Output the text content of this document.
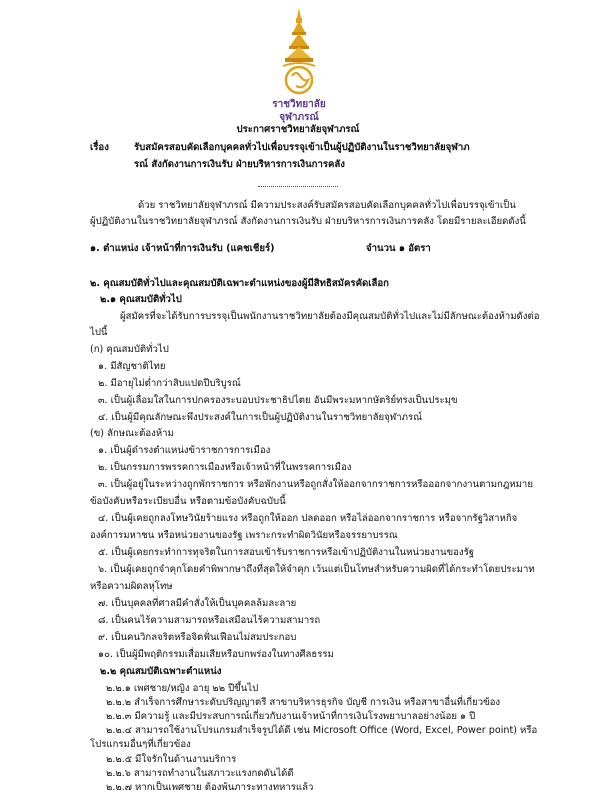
ราชวิทยาลัย
จุฬาภรณ์
ประกาศราชวิทยาลัยจุฬาภรณ์
เรื่อง	รับสมัครสอบคัดเลือกบุคคลทั่วไปเพื่อบรรจุเข้าเป็นผู้ปฏิบัติงานในราชวิทยาลัยจุฬาภ
รณ์ สังกัดงานการเงินรับ ฝ่ายบริหารการเงินการคลัง
ด้วย ราชวิทยาลัยจุฬาภรณ์ มีความประสงค์รับสมัครสอบคัดเลือกบุคคลทั่วไปเพื่อบรรจุเข้าเป็น
ผู้ปฏิบัติงานในราชวิทยาลัยจุฬาภรณ์ สังกัดงานการเงินรับ ฝ่ายบริหารการเงินการคลัง โดยมีรายละเอียดดังนี้
๑. ตำแหน่ง เจ้าหน้าที่การเงินรับ (แคชเชียร์)	จำนวน ๑ อัตรา
๒. คุณสมบัติทั่วไปและคุณสมบัติเฉพาะตำแหน่งของผู้มีสิทธิสมัครคัดเลือก
๒.๑ คุณสมบัติทั่วไป
ผู้สมัครที่จะได้รับการบรรจุเป็นพนักงานราชวิทยาลัยต้องมีคุณสมบัติทั่วไปและไม่มีลักษณะต้องห้ามดังต่อ
ไปนี้
(ก) คุณสมบัติทั่วไป
๑. มีสัญชาติไทย
๒. มีอายุไม่ต่ำกว่าสิบแปดปีบริบูรณ์
๓. เป็นผู้เลื่อมใสในการปกครองระบอบประชาธิปไตย อันมีพระมหากษัตริย์ทรงเป็นประมุข
๔. เป็นผู้มีคุณลักษณะพึงประสงค์ในการเป็นผู้ปฏิบัติงานในราชวิทยาลัยจุฬาภรณ์
(ข) ลักษณะต้องห้าม
๑. เป็นผู้ดำรงตำแหน่งข้าราชการการเมือง
๒. เป็นกรรมการพรรคการเมืองหรือเจ้าหน้าที่ในพรรคการเมือง
๓. เป็นผู้อยู่ในระหว่างถูกพักราชการ หรือพักงานหรือถูกสั่งให้ออกจากราชการหรือออกจากงานตามกฎหมาย
ข้อบังคับหรือระเบียบอื่น หรือตามข้อบังคับฉบับนี้
๔. เป็นผู้เคยถูกลงโทษวินัยร้ายแรง หรือถูกให้ออก ปลดออก หรือไล่ออกจากราชการ หรือจากรัฐวิสาหกิจ
องค์การมหาชน หรือหน่วยงานของรัฐ เพราะกระทำผิดวินัยหรือจรรยาบรรณ
๕. เป็นผู้เคยกระทำการทุจริตในการสอบเข้ารับราชการหรือเข้าปฏิบัติงานในหน่วยงานของรัฐ
๖. เป็นผู้เคยถูกจำคุกโดยคำพิพากษาถึงที่สุดให้จำคุก เว้นแต่เป็นโทษสำหรับความผิดที่ได้กระทำโดยประมาท
หรือความผิดลหุโทษ
๗. เป็นบุคคลที่ศาลมีคำสั่งให้เป็นบุคคลล้มละลาย
๘. เป็นคนไร้ความสามารถหรือเสมือนไร้ความสามารถ
๙. เป็นคนวิกลจริตหรือจิตฟั่นเฟือนไม่สมประกอบ
๑๐. เป็นผู้มีพฤติกรรมเสื่อมเสียหรือบกพร่องในทางศีลธรรม
๒.๒ คุณสมบัติเฉพาะตำแหน่ง
๒.๒.๑ เพศชาย/หญิง อายุ ๒๒ ปีขึ้นไป
๒.๒.๒ สำเร็จการศึกษาระดับปริญญาตรี สาขาบริหารธุรกิจ บัญชี การเงิน หรือสาขาอื่นที่เกี่ยวข้อง
๒.๒.๓ มีความรู้ และมีประสบการณ์เกี่ยวกับงานเจ้าหน้าที่การเงินโรงพยาบาลอย่างน้อย ๑ ปี
๒.๒.๔ สามารถใช้งานโปรแกรมสำเร็จรูปได้ดี เช่น Microsoft Office (Word, Excel, Power point) หรือ
โปรแกรมอื่นๆที่เกี่ยวข้อง
๒.๒.๕ มีใจรักในด้านงานบริการ
๒.๒.๖ สามารถทำงานในสภาวะแรงกดดันได้ดี
๒.๒.๗ หากเป็นเพศชาย ต้องพ้นภาระทางทหารแล้ว
